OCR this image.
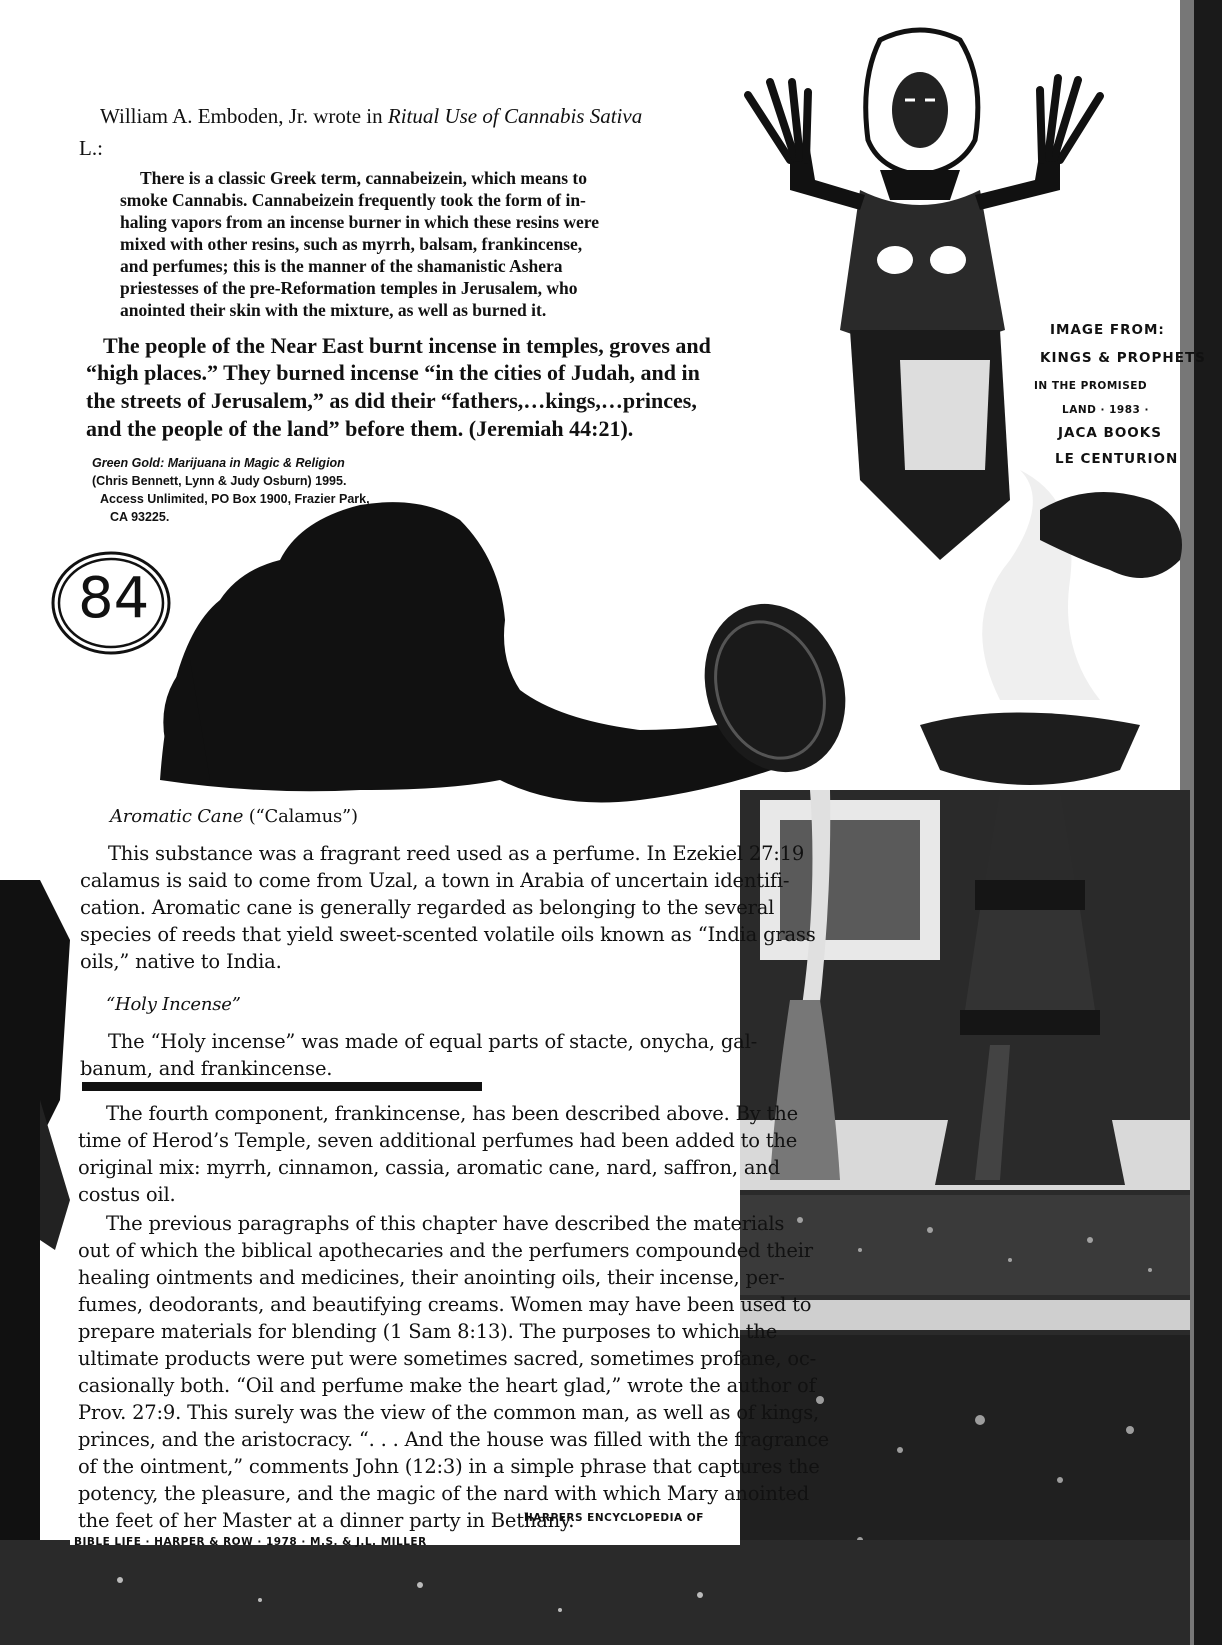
William A. Emboden, Jr. wrote in Ritual Use of Cannabis Sativa
L.:
There is a classic Greek term, cannabeizein, which means to
smoke Cannabis. Cannabeizein frequently took the form of in-
haling vapors from an incense burner in which these resins were
mixed with other resins, such as myrrh, balsam, frankincense,
and perfumes; this is the manner of the shamanistic Ashera
priestesses of the pre-Reformation temples in Jerusalem, who
anointed their skin with the mixture, as well as burned it.
The people of the Near East burnt incense in temples, groves and
“high places.” They burned incense “in the cities of Judah, and in
the streets of Jerusalem,” as did their “fathers,…kings,…princes,
and the people of the land” before them. (Jeremiah 44:21).
Green Gold: Marijuana in Magic & Religion
(Chris Bennett, Lynn & Judy Osburn) 1995.
Access Unlimited, PO Box 1900, Frazier Park,
CA 93225.
84
IMAGE FROM:
KINGS & PROPHETS
IN THE PROMISED
LAND · 1983 ·
JACA BOOKS
LE CENTURION
Aromatic Cane (“Calamus”)
This substance was a fragrant reed used as a perfume. In Ezekiel 27:19
calamus is said to come from Uzal, a town in Arabia of uncertain identifi-
cation. Aromatic cane is generally regarded as belonging to the several
species of reeds that yield sweet-scented volatile oils known as “India grass
oils,” native to India.
“Holy Incense”
The “Holy incense” was made of equal parts of stacte, onycha, gal-
banum, and frankincense.
The fourth component, frankincense, has been described above. By the
time of Herod’s Temple, seven additional perfumes had been added to the
original mix: myrrh, cinnamon, cassia, aromatic cane, nard, saffron, and
costus oil.
The previous paragraphs of this chapter have described the materials
out of which the biblical apothecaries and the perfumers compounded their
healing ointments and medicines, their anointing oils, their incense, per-
fumes, deodorants, and beautifying creams. Women may have been used to
prepare materials for blending (1 Sam 8:13). The purposes to which the
ultimate products were put were sometimes sacred, sometimes profane, oc-
casionally both. “Oil and perfume make the heart glad,” wrote the author of
Prov. 27:9. This surely was the view of the common man, as well as of kings,
princes, and the aristocracy. “. . . And the house was filled with the fragrance
of the ointment,” comments John (12:3) in a simple phrase that captures the
potency, the pleasure, and the magic of the nard with which Mary anointed
the feet of her Master at a dinner party in Bethany.
HARPERS ENCYCLOPEDIA OF
BIBLE LIFE · HARPER & ROW · 1978 · M.S. & J.L. MILLER
